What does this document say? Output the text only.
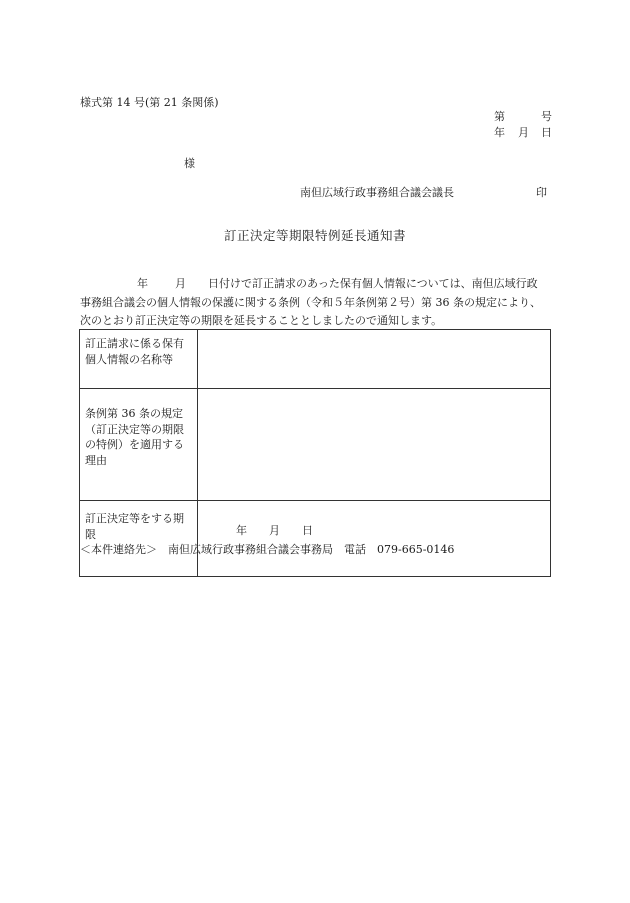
様式第 14 号(第 21 条関係)
第	号
年 月 日
様
南但広域行政事務組合議会議長	印
訂正決定等期限特例延長通知書
年 月 日付けで訂正請求のあった保有個人情報については、南但広域行政
事務組合議会の個人情報の保護に関する条例（令和５年条例第２号）第 36 条の規定により、
次のとおり訂正決定等の期限を延長することとしましたので通知します。
訂正請求に係る保有個人情報の名称等	
条例第 36 条の規定（訂正決定等の期限の特例）を適用する理由	
訂正決定等をする期限	年　　月　　日
＜本件連絡先＞　南但広域行政事務組合議会事務局　電話　079-665-0146
